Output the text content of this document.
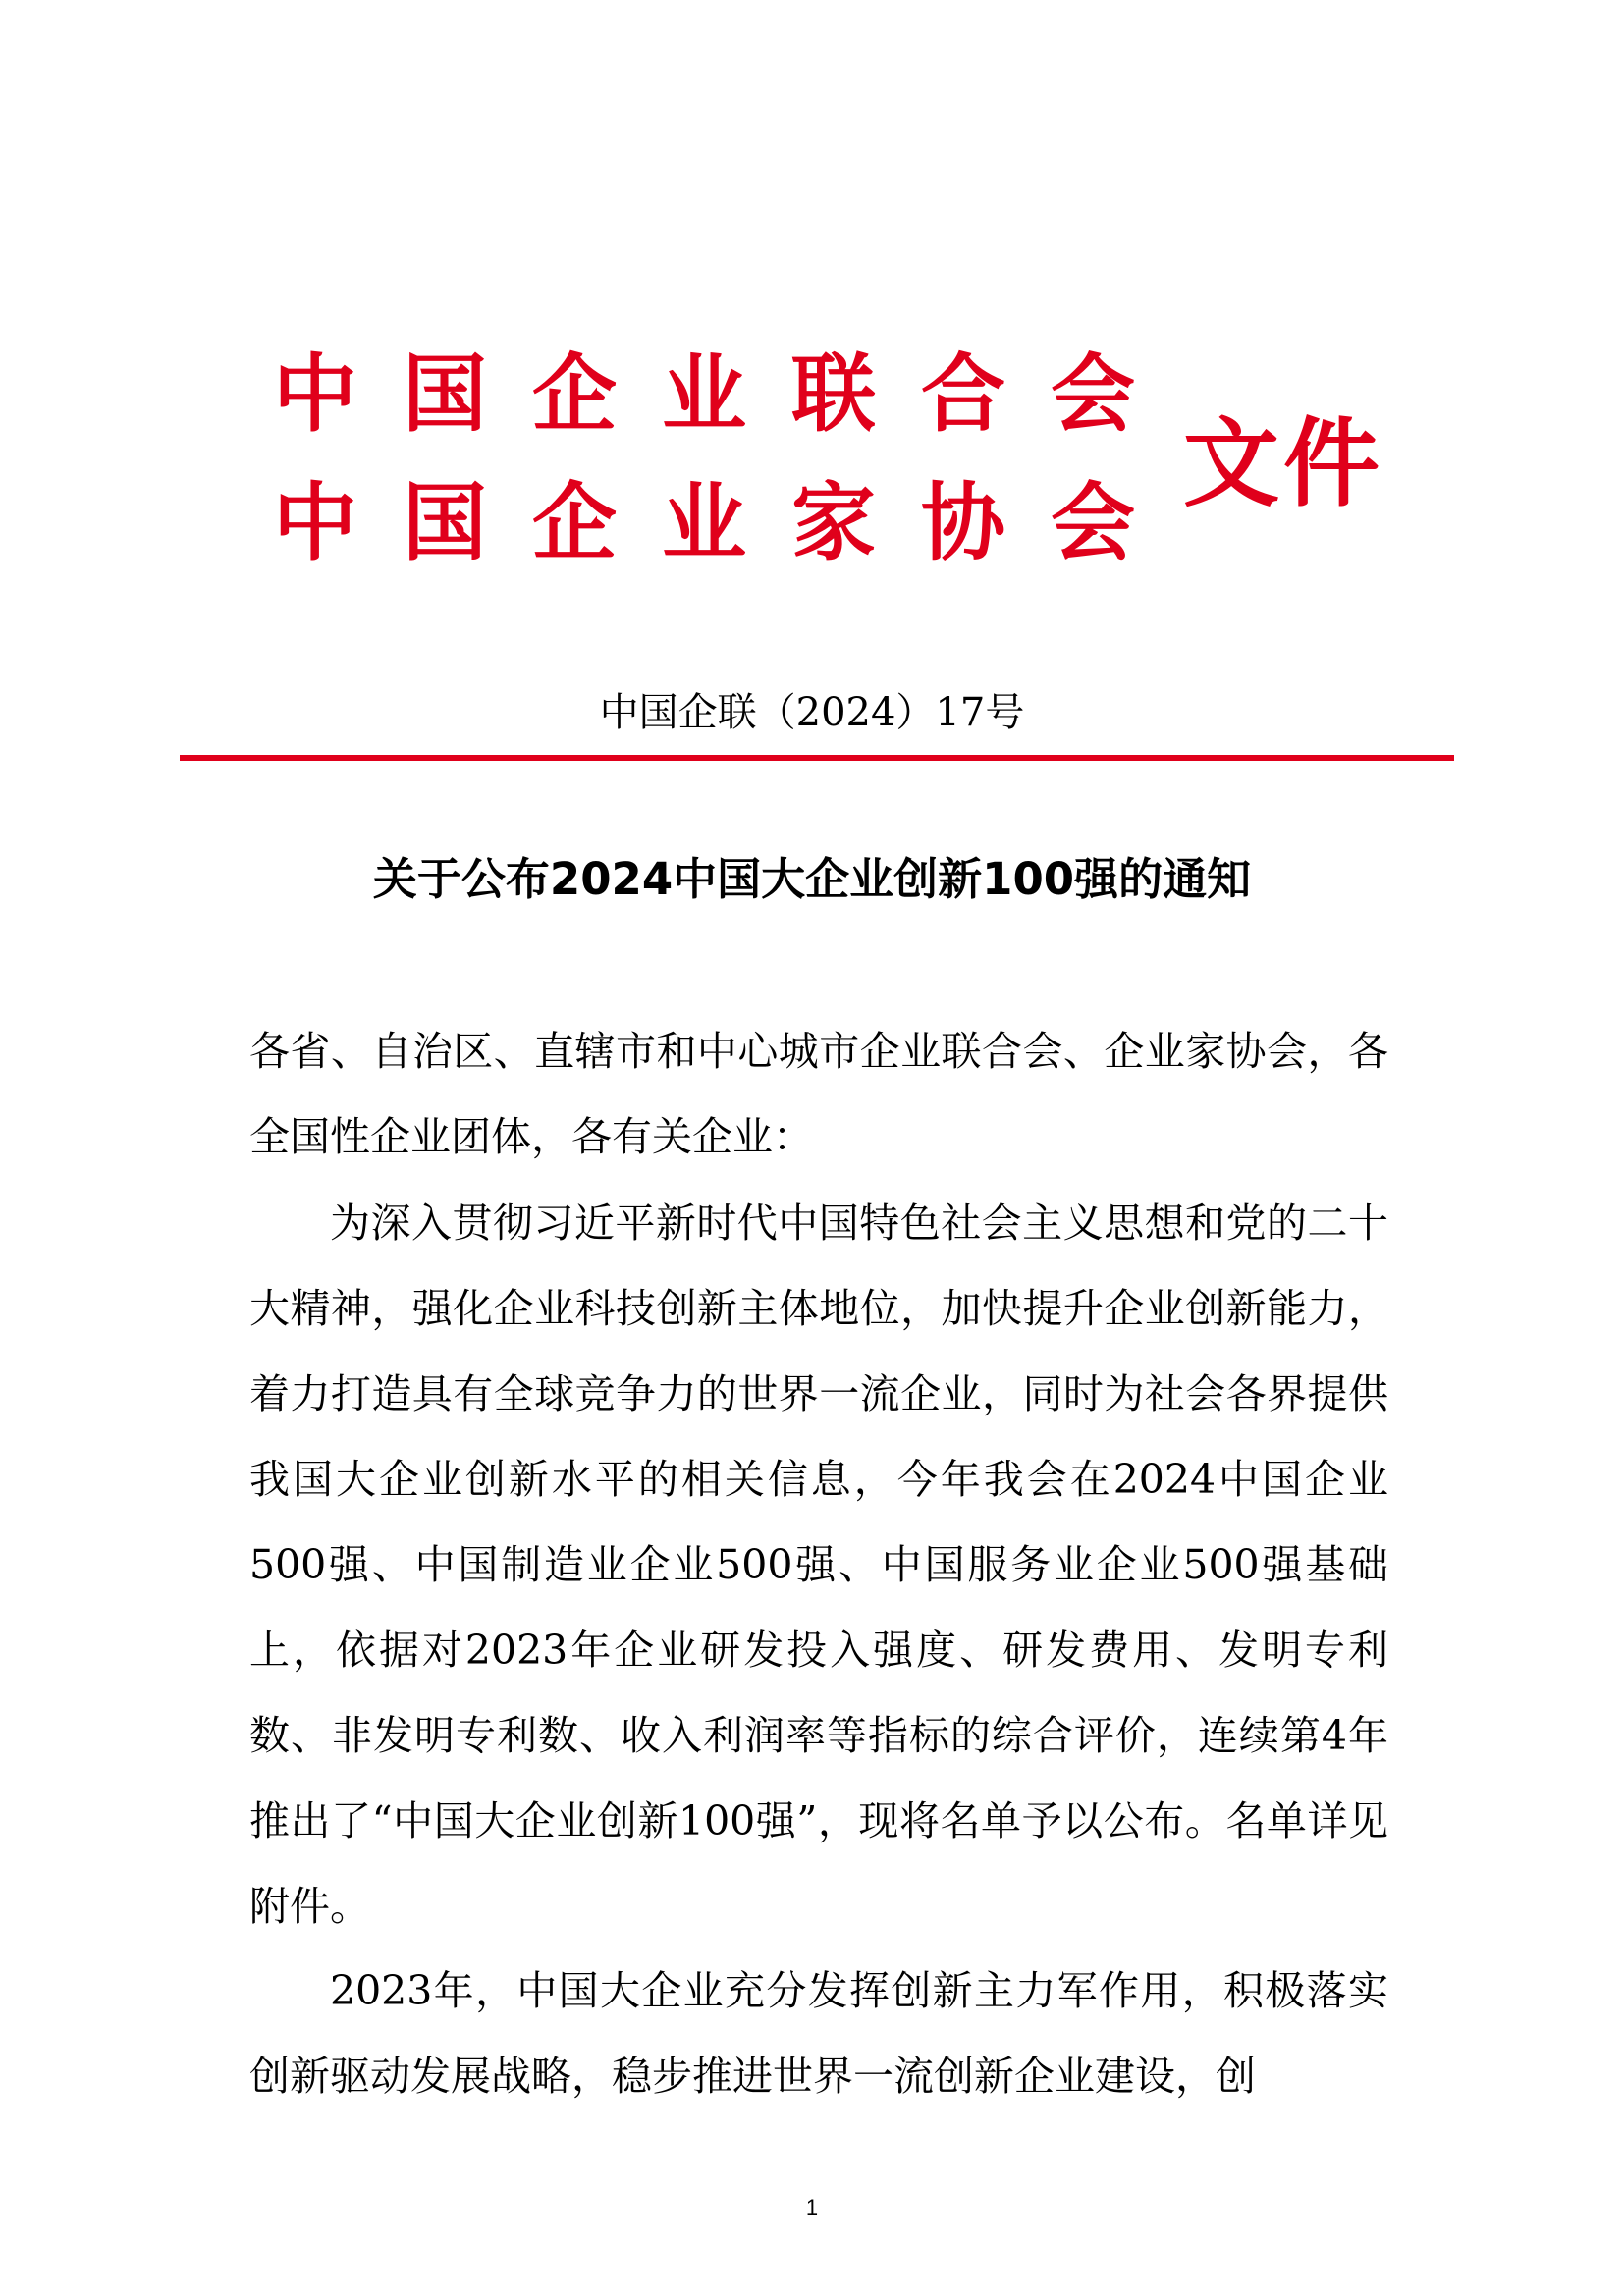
中 国 企 业 联 合 会
中 国 企 业 家 协 会
文件
中国企联（2024）17号
关于公布2024中国大企业创新100强的通知
各省、自治区、直辖市和中心城市企业联合会、企业家协会，各全国性企业团体，各有关企业：
为深入贯彻习近平新时代中国特色社会主义思想和党的二十大精神，强化企业科技创新主体地位，加快提升企业创新能力，着力打造具有全球竞争力的世界一流企业，同时为社会各界提供我国大企业创新水平的相关信息，今年我会在2024中国企业500强、中国制造业企业500强、中国服务业企业500强基础上，依据对2023年企业研发投入强度、研发费用、发明专利数、非发明专利数、收入利润率等指标的综合评价，连续第4年推出了“中国大企业创新100强”，现将名单予以公布。名单详见附件。
2023年，中国大企业充分发挥创新主力军作用，积极落实创新驱动发展战略，稳步推进世界一流创新企业建设，创
1
